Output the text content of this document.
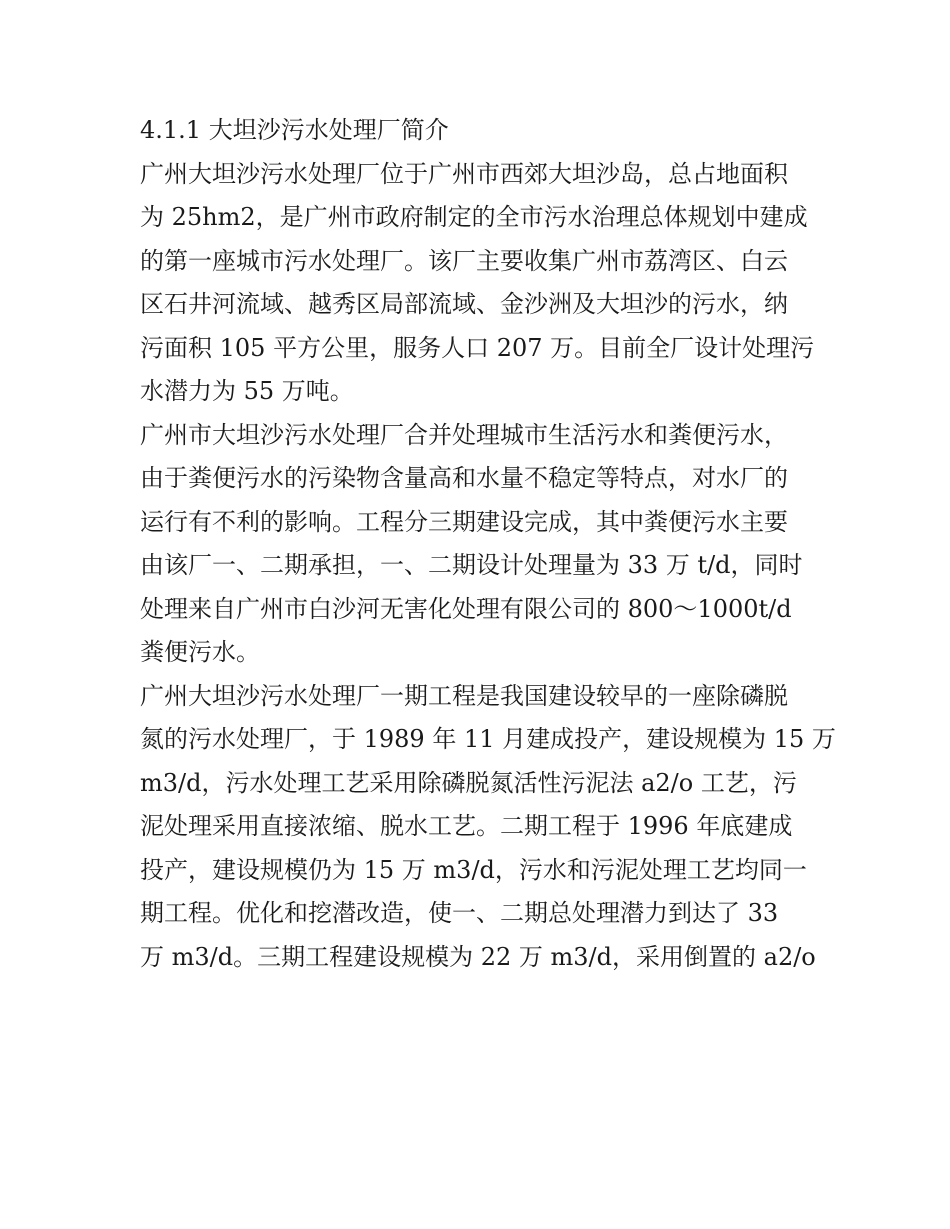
4.1.1 大坦沙污水处理厂简介
广州大坦沙污水处理厂位于广州市西郊大坦沙岛，总占地面积
为 25hm2，是广州市政府制定的全市污水治理总体规划中建成
的第一座城市污水处理厂。该厂主要收集广州市荔湾区、白云
区石井河流域、越秀区局部流域、金沙洲及大坦沙的污水，纳
污面积 105 平方公里，服务人口 207 万。目前全厂设计处理污
水潜力为 55 万吨。
广州市大坦沙污水处理厂合并处理城市生活污水和粪便污水，
由于粪便污水的污染物含量高和水量不稳定等特点，对水厂的
运行有不利的影响。工程分三期建设完成，其中粪便污水主要
由该厂一、二期承担，一、二期设计处理量为 33 万 t/d，同时
处理来自广州市白沙河无害化处理有限公司的 800～1000t/d
粪便污水。
广州大坦沙污水处理厂一期工程是我国建设较早的一座除磷脱
氮的污水处理厂，于 1989 年 11 月建成投产，建设规模为 15 万
m3/d，污水处理工艺采用除磷脱氮活性污泥法 a2/o 工艺，污
泥处理采用直接浓缩、脱水工艺。二期工程于 1996 年底建成
投产，建设规模仍为 15 万 m3/d，污水和污泥处理工艺均同一
期工程。优化和挖潜改造，使一、二期总处理潜力到达了 33
万 m3/d。三期工程建设规模为 22 万 m3/d，采用倒置的 a2/o
